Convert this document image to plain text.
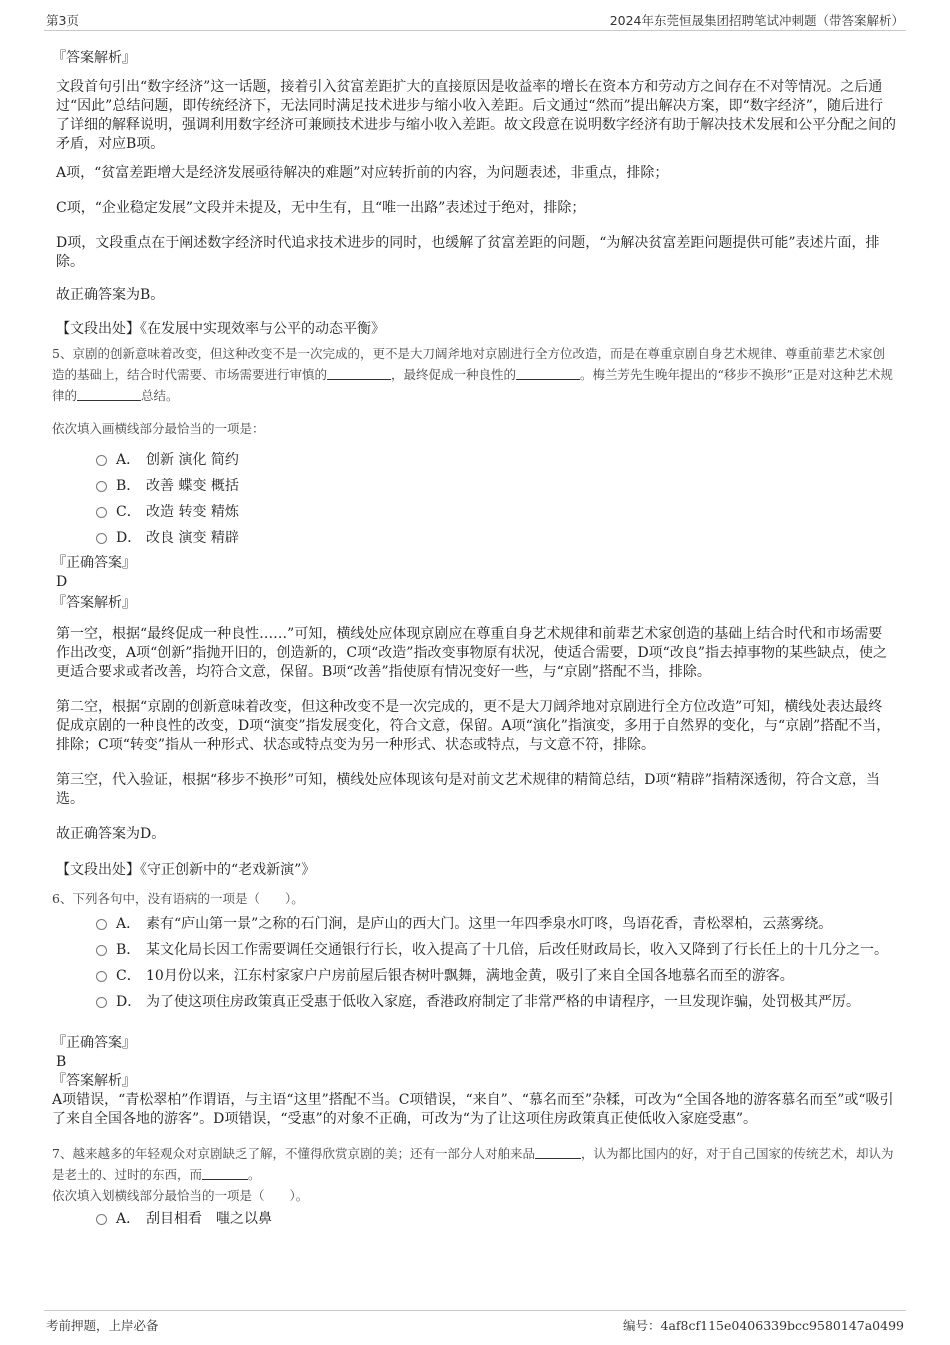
第3页	2024年东莞恒晟集团招聘笔试冲刺题（带答案解析）
『答案解析』

文段首句引出“数字经济”这一话题，接着引入贫富差距扩大的直接原因是收益率的增长在资本方和劳动方之间存在不对等情况。之后通过“因此”总结问题，即传统经济下，无法同时满足技术进步与缩小收入差距。后文通过“然而”提出解决方案，即“数字经济”，随后进行了详细的解释说明，强调利用数字经济可兼顾技术进步与缩小收入差距。故文段意在说明数字经济有助于解决技术发展和公平分配之间的矛盾，对应B项。

A项，“贫富差距增大是经济发展亟待解决的难题”对应转折前的内容，为问题表述，非重点，排除；

C项，“企业稳定发展”文段并未提及，无中生有，且“唯一出路”表述过于绝对，排除；

D项，文段重点在于阐述数字经济时代追求技术进步的同时，也缓解了贫富差距的问题，“为解决贫富差距问题提供可能”表述片面，排除。

故正确答案为B。

【文段出处】《在发展中实现效率与公平的动态平衡》

5、京剧的创新意味着改变，但这种改变不是一次完成的，更不是大刀阔斧地对京剧进行全方位改造，而是在尊重京剧自身艺术规律、尊重前辈艺术家创造的基础上，结合时代需要、市场需要进行审慎的	，最终促成一种良性的	。梅兰芳先生晚年提出的“移步不换形”正是对这种艺术规律的	总结。

依次填入画横线部分最恰当的一项是：

A． 创新 演化 简约
B． 改善 蝶变 概括
C． 改造 转变 精炼
D． 改良 演变 精辟
『正确答案』
D
『答案解析』

第一空，根据“最终促成一种良性……”可知，横线处应体现京剧应在尊重自身艺术规律和前辈艺术家创造的基础上结合时代和市场需要作出改变，A项“创新”指抛开旧的，创造新的，C项“改造”指改变事物原有状况，使适合需要，D项“改良”指去掉事物的某些缺点，使之更适合要求或者改善，均符合文意，保留。B项“改善”指使原有情况变好一些，与“京剧”搭配不当，排除。

第二空，根据“京剧的创新意味着改变，但这种改变不是一次完成的，更不是大刀阔斧地对京剧进行全方位改造”可知，横线处表达最终促成京剧的一种良性的改变，D项“演变”指发展变化，符合文意，保留。A项“演化”指演变，多用于自然界的变化，与“京剧”搭配不当，排除；C项“转变”指从一种形式、状态或特点变为另一种形式、状态或特点，与文意不符，排除。

第三空，代入验证，根据“移步不换形”可知，横线处应体现该句是对前文艺术规律的精简总结，D项“精辟”指精深透彻，符合文意，当选。

故正确答案为D。

【文段出处】《守正创新中的“老戏新演”》

6、下列各句中，没有语病的一项是（　　）。

A． 素有“庐山第一景”之称的石门涧，是庐山的西大门。这里一年四季泉水叮咚，鸟语花香，青松翠柏，云蒸雾绕。
B． 某文化局长因工作需要调任交通银行行长，收入提高了十几倍，后改任财政局长，收入又降到了行长任上的十几分之一。
C． 10月份以来，江东村家家户户房前屋后银杏树叶飘舞，满地金黄，吸引了来自全国各地慕名而至的游客。
D． 为了使这项住房政策真正受惠于低收入家庭，香港政府制定了非常严格的申请程序，一旦发现诈骗，处罚极其严厉。
『正确答案』
B
『答案解析』

A项错误，“青松翠柏”作谓语，与主语“这里”搭配不当。C项错误，“来自”、“慕名而至”杂糅，可改为“全国各地的游客慕名而至”或“吸引了来自全国各地的游客”。D项错误，“受惠”的对象不正确，可改为“为了让这项住房政策真正使低收入家庭受惠”。

7、越来越多的年轻观众对京剧缺乏了解，不懂得欣赏京剧的美；还有一部分人对舶来品	，认为都比国内的好，对于自己国家的传统艺术，却认为是老土的、过时的东西，而	。

依次填入划横线部分最恰当的一项是（　　）。

A． 刮目相看　嗤之以鼻
考前押题，上岸必备	编号：4af8cf115e0406339bcc9580147a0499
